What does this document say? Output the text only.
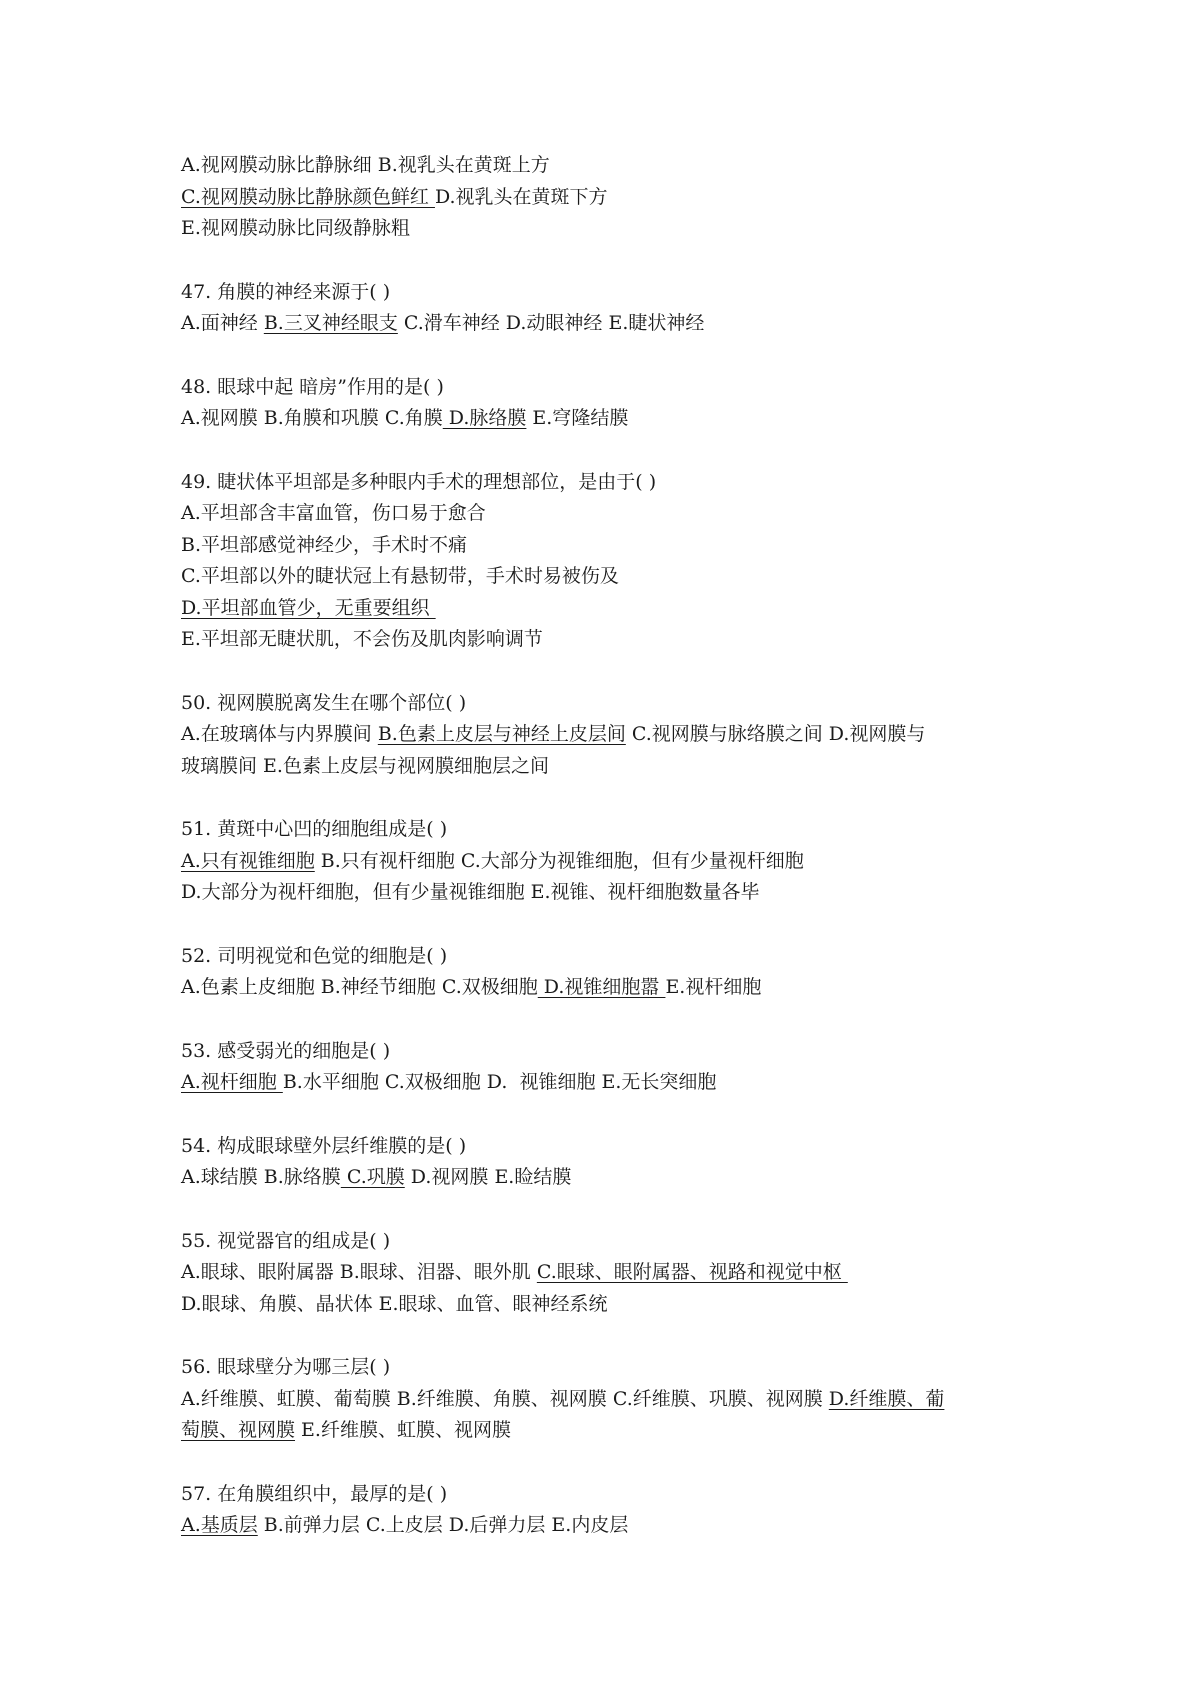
A.视网膜动脉比静脉细 B.视乳头在黄斑上方
C.视网膜动脉比静脉颜色鲜红 D.视乳头在黄斑下方
E.视网膜动脉比同级静脉粗
47. 角膜的神经来源于( )
A.面神经 B.三叉神经眼支 C.滑车神经 D.动眼神经 E.睫状神经
48. 眼球中起 暗房”作用的是( )
A.视网膜 B.角膜和巩膜 C.角膜 D.脉络膜 E.穹隆结膜
49. 睫状体平坦部是多种眼内手术的理想部位，是由于( )
A.平坦部含丰富血管，伤口易于愈合
B.平坦部感觉神经少，手术时不痛
C.平坦部以外的睫状冠上有悬韧带，手术时易被伤及
D.平坦部血管少，无重要组织
E.平坦部无睫状肌，不会伤及肌肉影响调节
50. 视网膜脱离发生在哪个部位( )
A.在玻璃体与内界膜间 B.色素上皮层与神经上皮层间 C.视网膜与脉络膜之间 D.视网膜与
玻璃膜间 E.色素上皮层与视网膜细胞层之间
51. 黄斑中心凹的细胞组成是( )
A.只有视锥细胞 B.只有视杆细胞 C.大部分为视锥细胞，但有少量视杆细胞
D.大部分为视杆细胞，但有少量视锥细胞 E.视锥、视杆细胞数量各毕
52. 司明视觉和色觉的细胞是( )
A.色素上皮细胞 B.神经节细胞 C.双极细胞 D.视锥细胞嚣 E.视杆细胞
53. 感受弱光的细胞是( )
A.视杆细胞 B.水平细胞 C.双极细胞 D.  视锥细胞 E.无长突细胞
54. 构成眼球壁外层纤维膜的是( )
A.球结膜 B.脉络膜 C.巩膜 D.视网膜 E.睑结膜
55. 视觉器官的组成是( )
A.眼球、眼附属器 B.眼球、泪器、眼外肌 C.眼球、眼附属器、视路和视觉中枢
D.眼球、角膜、晶状体 E.眼球、血管、眼神经系统
56. 眼球壁分为哪三层( )
A.纤维膜、虹膜、葡萄膜 B.纤维膜、角膜、视网膜 C.纤维膜、巩膜、视网膜 D.纤维膜、葡
萄膜、视网膜 E.纤维膜、虹膜、视网膜
57. 在角膜组织中，最厚的是( )
A.基质层 B.前弹力层 C.上皮层 D.后弹力层 E.内皮层
